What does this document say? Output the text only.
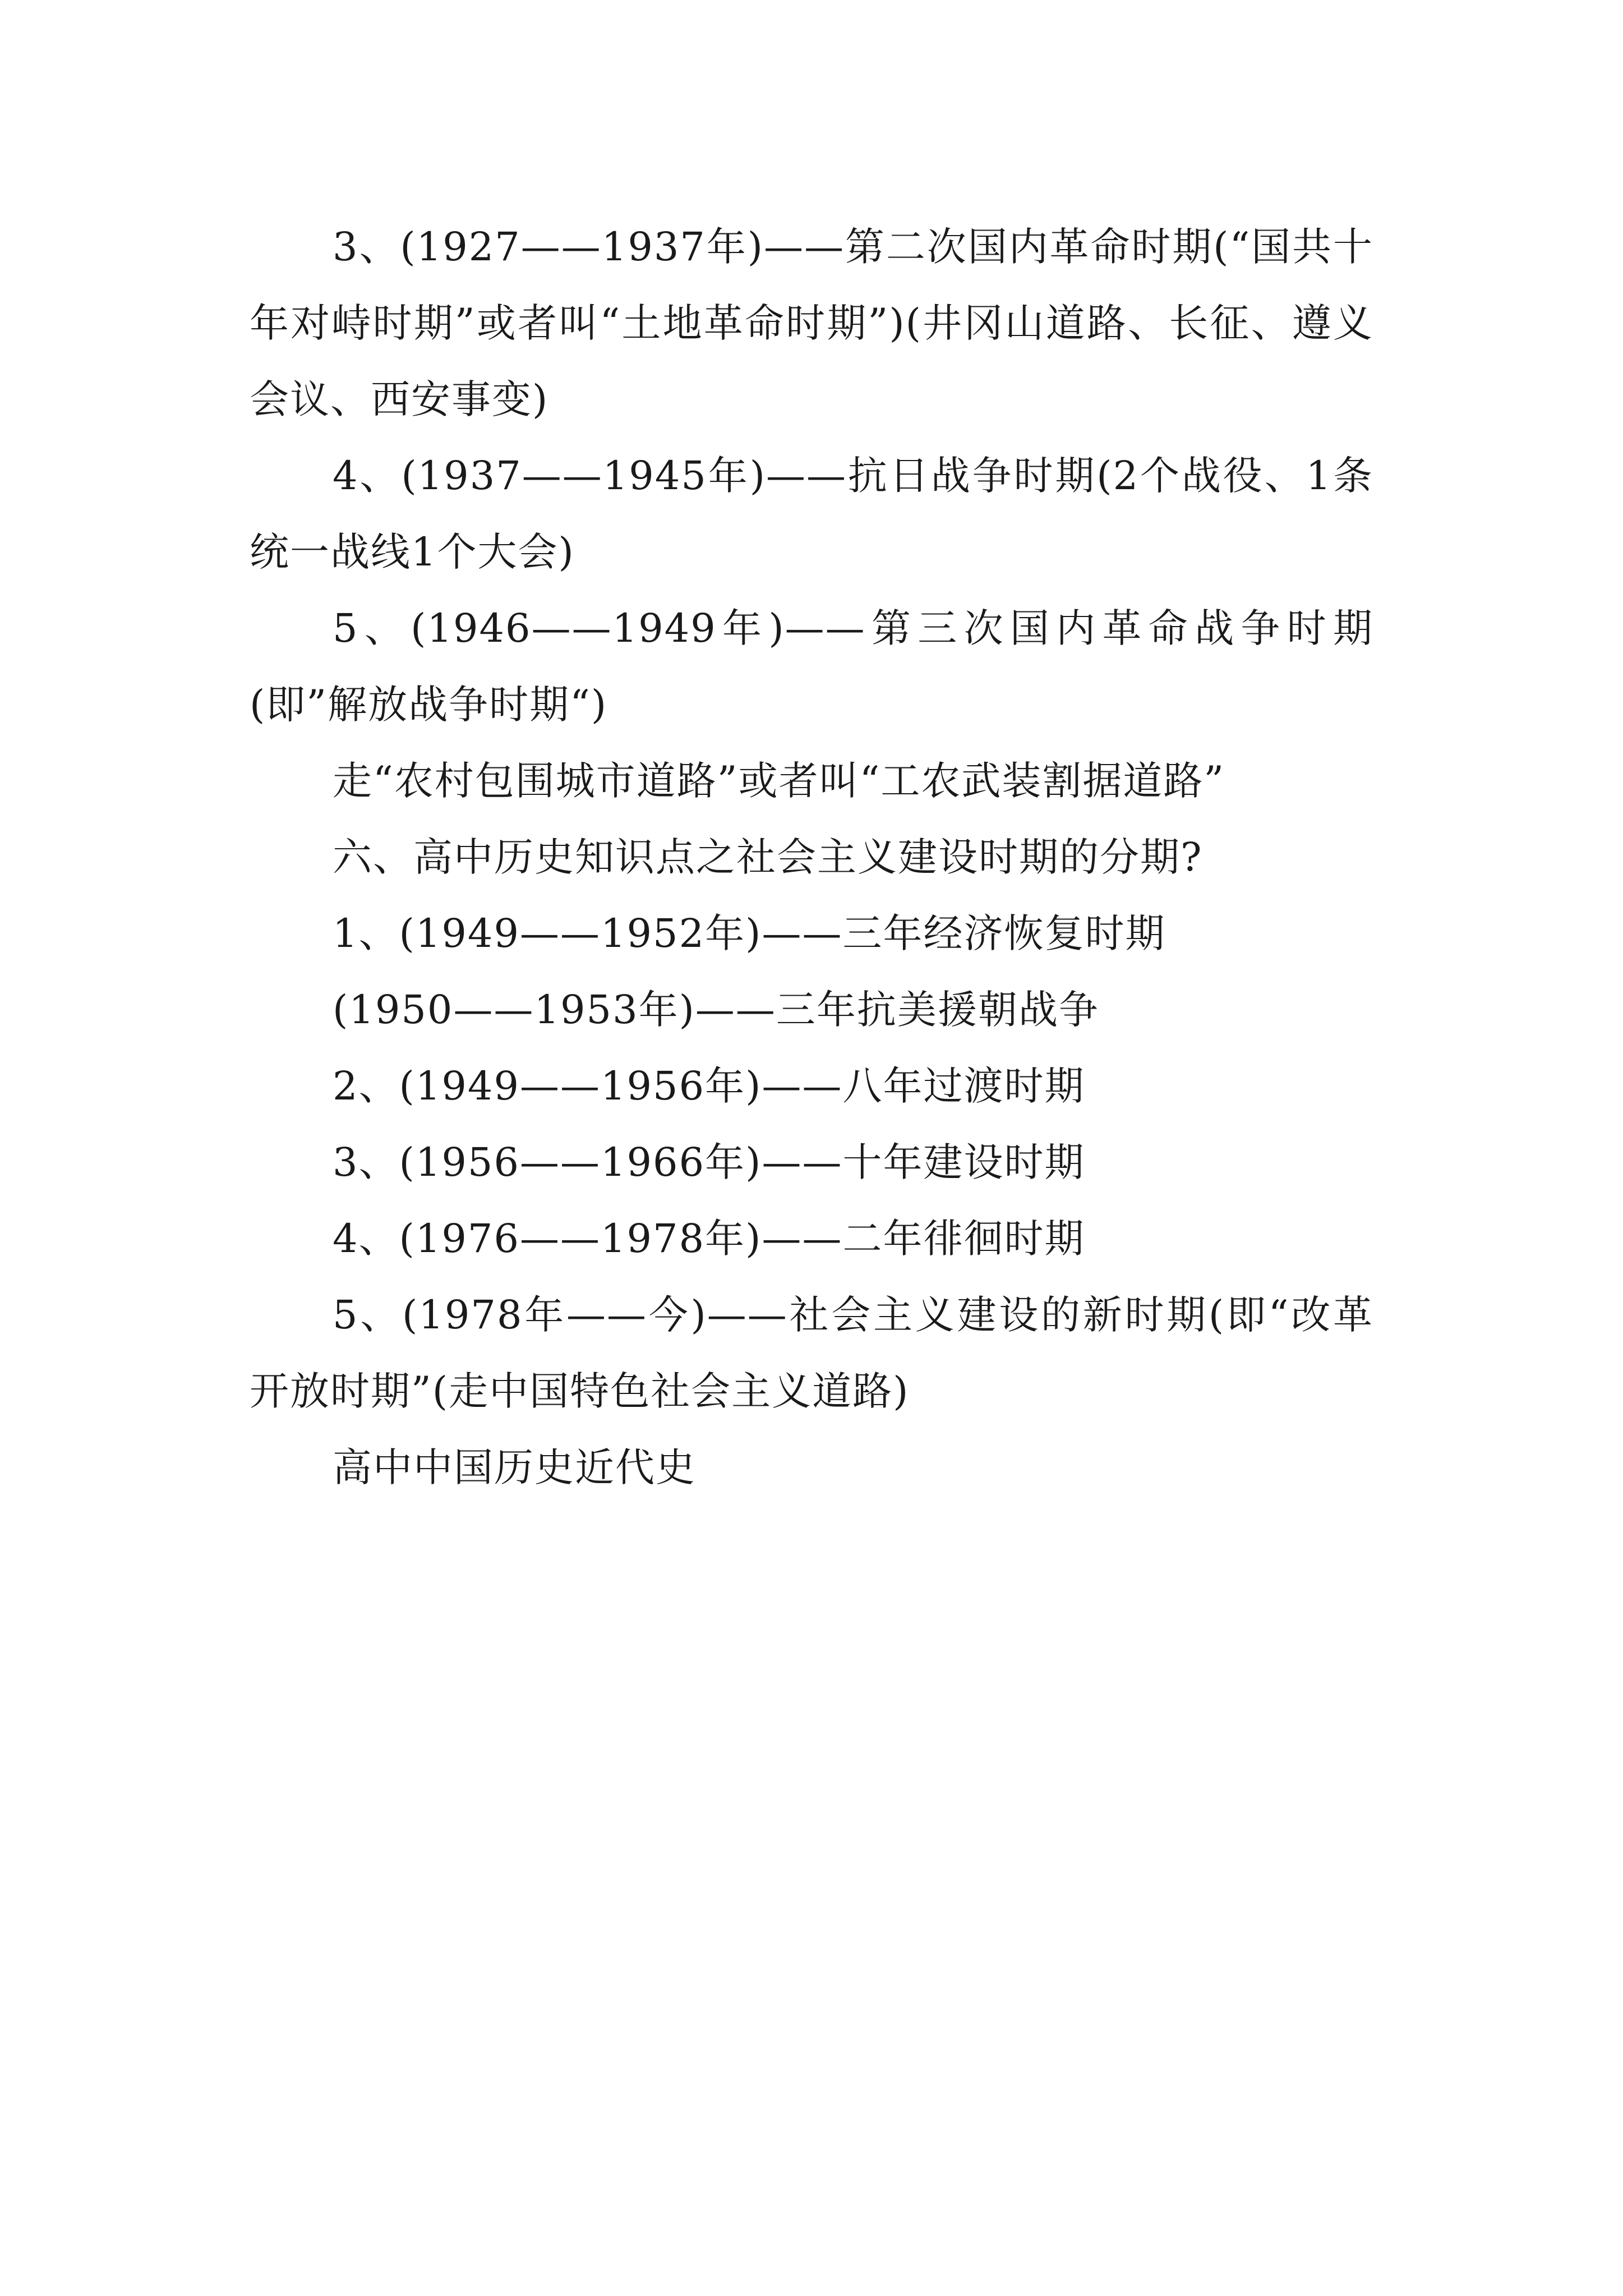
3、(1927——1937年)——第二次国内革命时期(“国共十年对峙时期”或者叫“土地革命时期”)(井冈山道路、长征、遵义会议、西安事变)

4、(1937——1945年)——抗日战争时期(2个战役、1条统一战线1个大会)

5、(1946——1949年)——第三次国内革命战争时期(即”解放战争时期“)

走“农村包围城市道路”或者叫“工农武装割据道路”

六、高中历史知识点之社会主义建设时期的分期?

1、(1949——1952年)——三年经济恢复时期

(1950——1953年)——三年抗美援朝战争

2、(1949——1956年)——八年过渡时期

3、(1956——1966年)——十年建设时期

4、(1976——1978年)——二年徘徊时期

5、(1978年——今)——社会主义建设的新时期(即“改革开放时期”(走中国特色社会主义道路)

高中中国历史近代史
